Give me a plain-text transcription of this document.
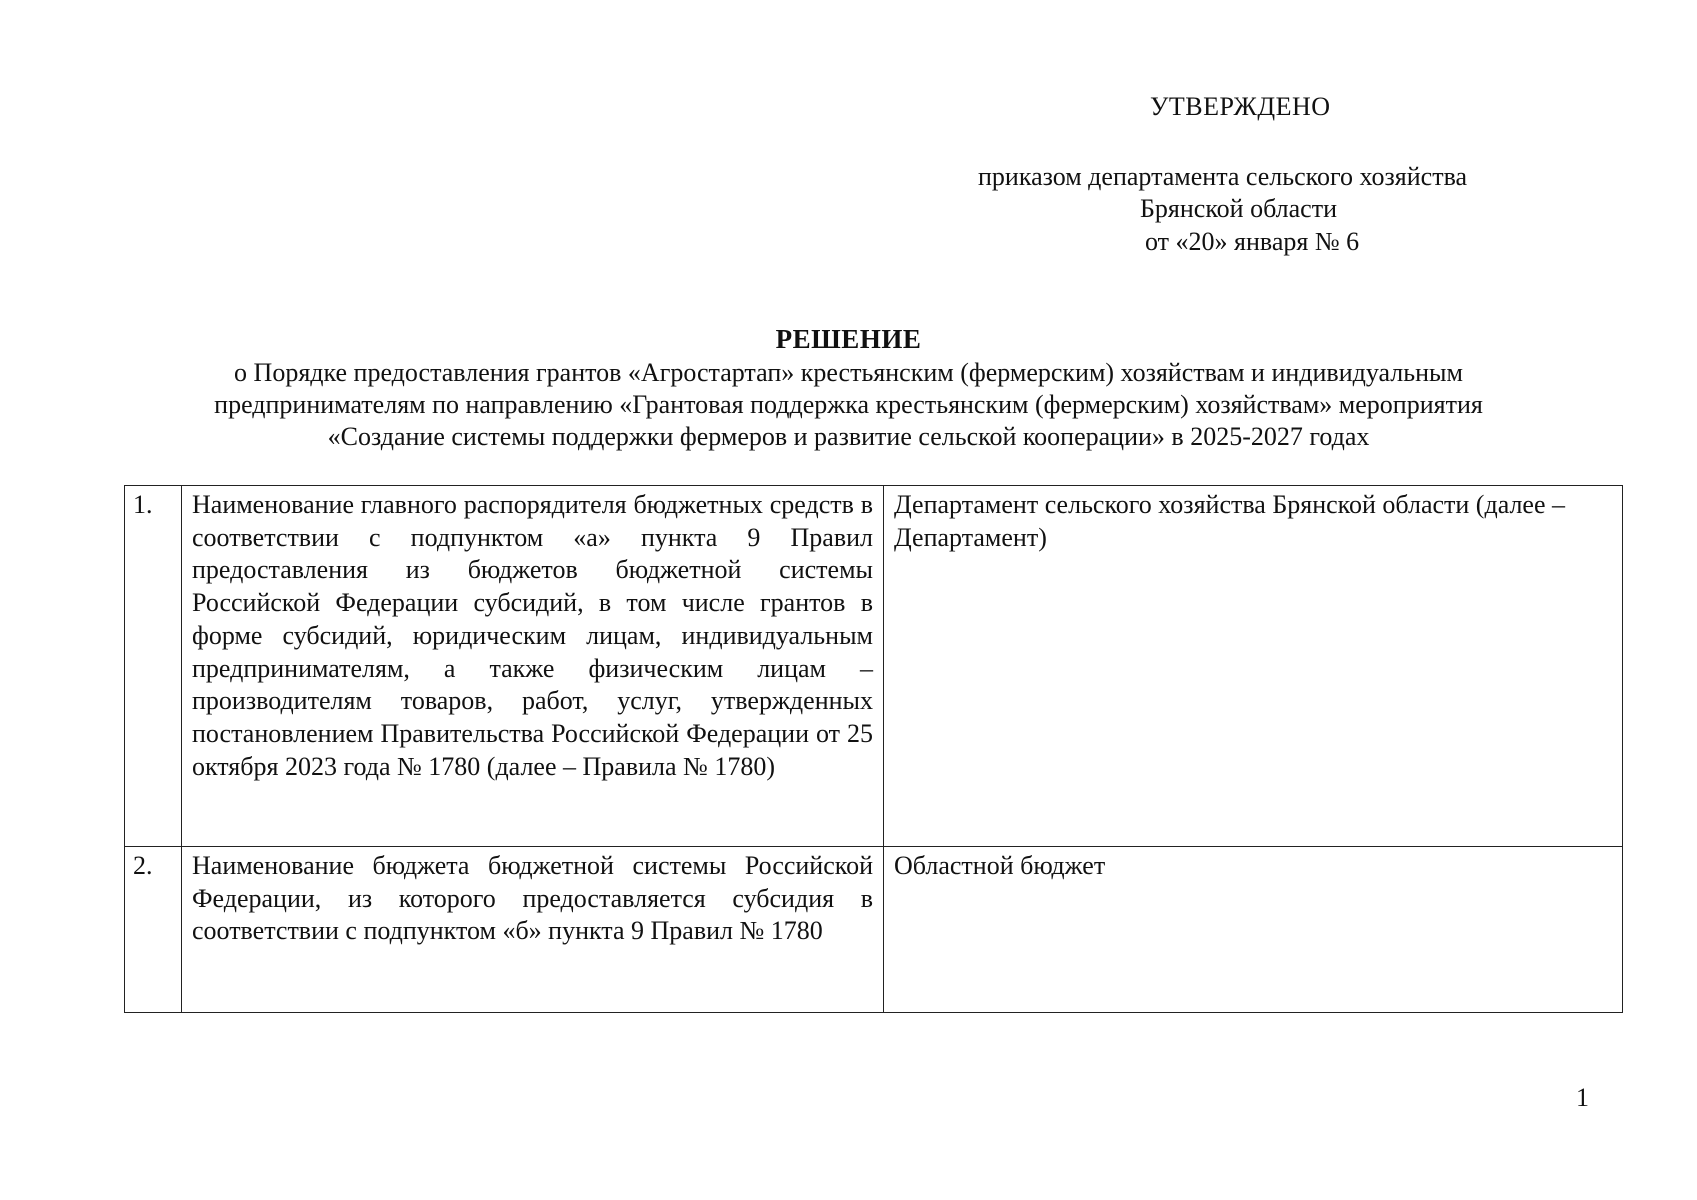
УТВЕРЖДЕНО
приказом департамента сельского хозяйства
Брянской области
от «20» января № 6
РЕШЕНИЕ
о Порядке предоставления грантов «Агростартап» крестьянским (фермерским) хозяйствам и индивидуальным
предпринимателям по направлению «Грантовая поддержка крестьянским (фермерским) хозяйствам» мероприятия
«Создание системы поддержки фермеров и развитие сельской кооперации» в 2025-2027 годах
1.	Наименование главного распорядителя бюджетных средств в соответствии с подпунктом «а» пункта 9 Правил предоставления из бюджетов бюджетной системы Российской Федерации субсидий, в том числе грантов в форме субсидий, юридическим лицам, индивидуальным предпринимателям, а также физическим лицам – производителям товаров, работ, услуг, утвержденных постановлением Правительства Российской Федерации от 25 октября 2023 года № 1780 (далее – Правила № 1780)	Департамент сельского хозяйства Брянской области (далее – Департамент)
2.	Наименование бюджета бюджетной системы Российской Федерации, из которого предоставляется субсидия в соответствии с подпунктом «б» пункта 9 Правил № 1780	Областной бюджет
1
